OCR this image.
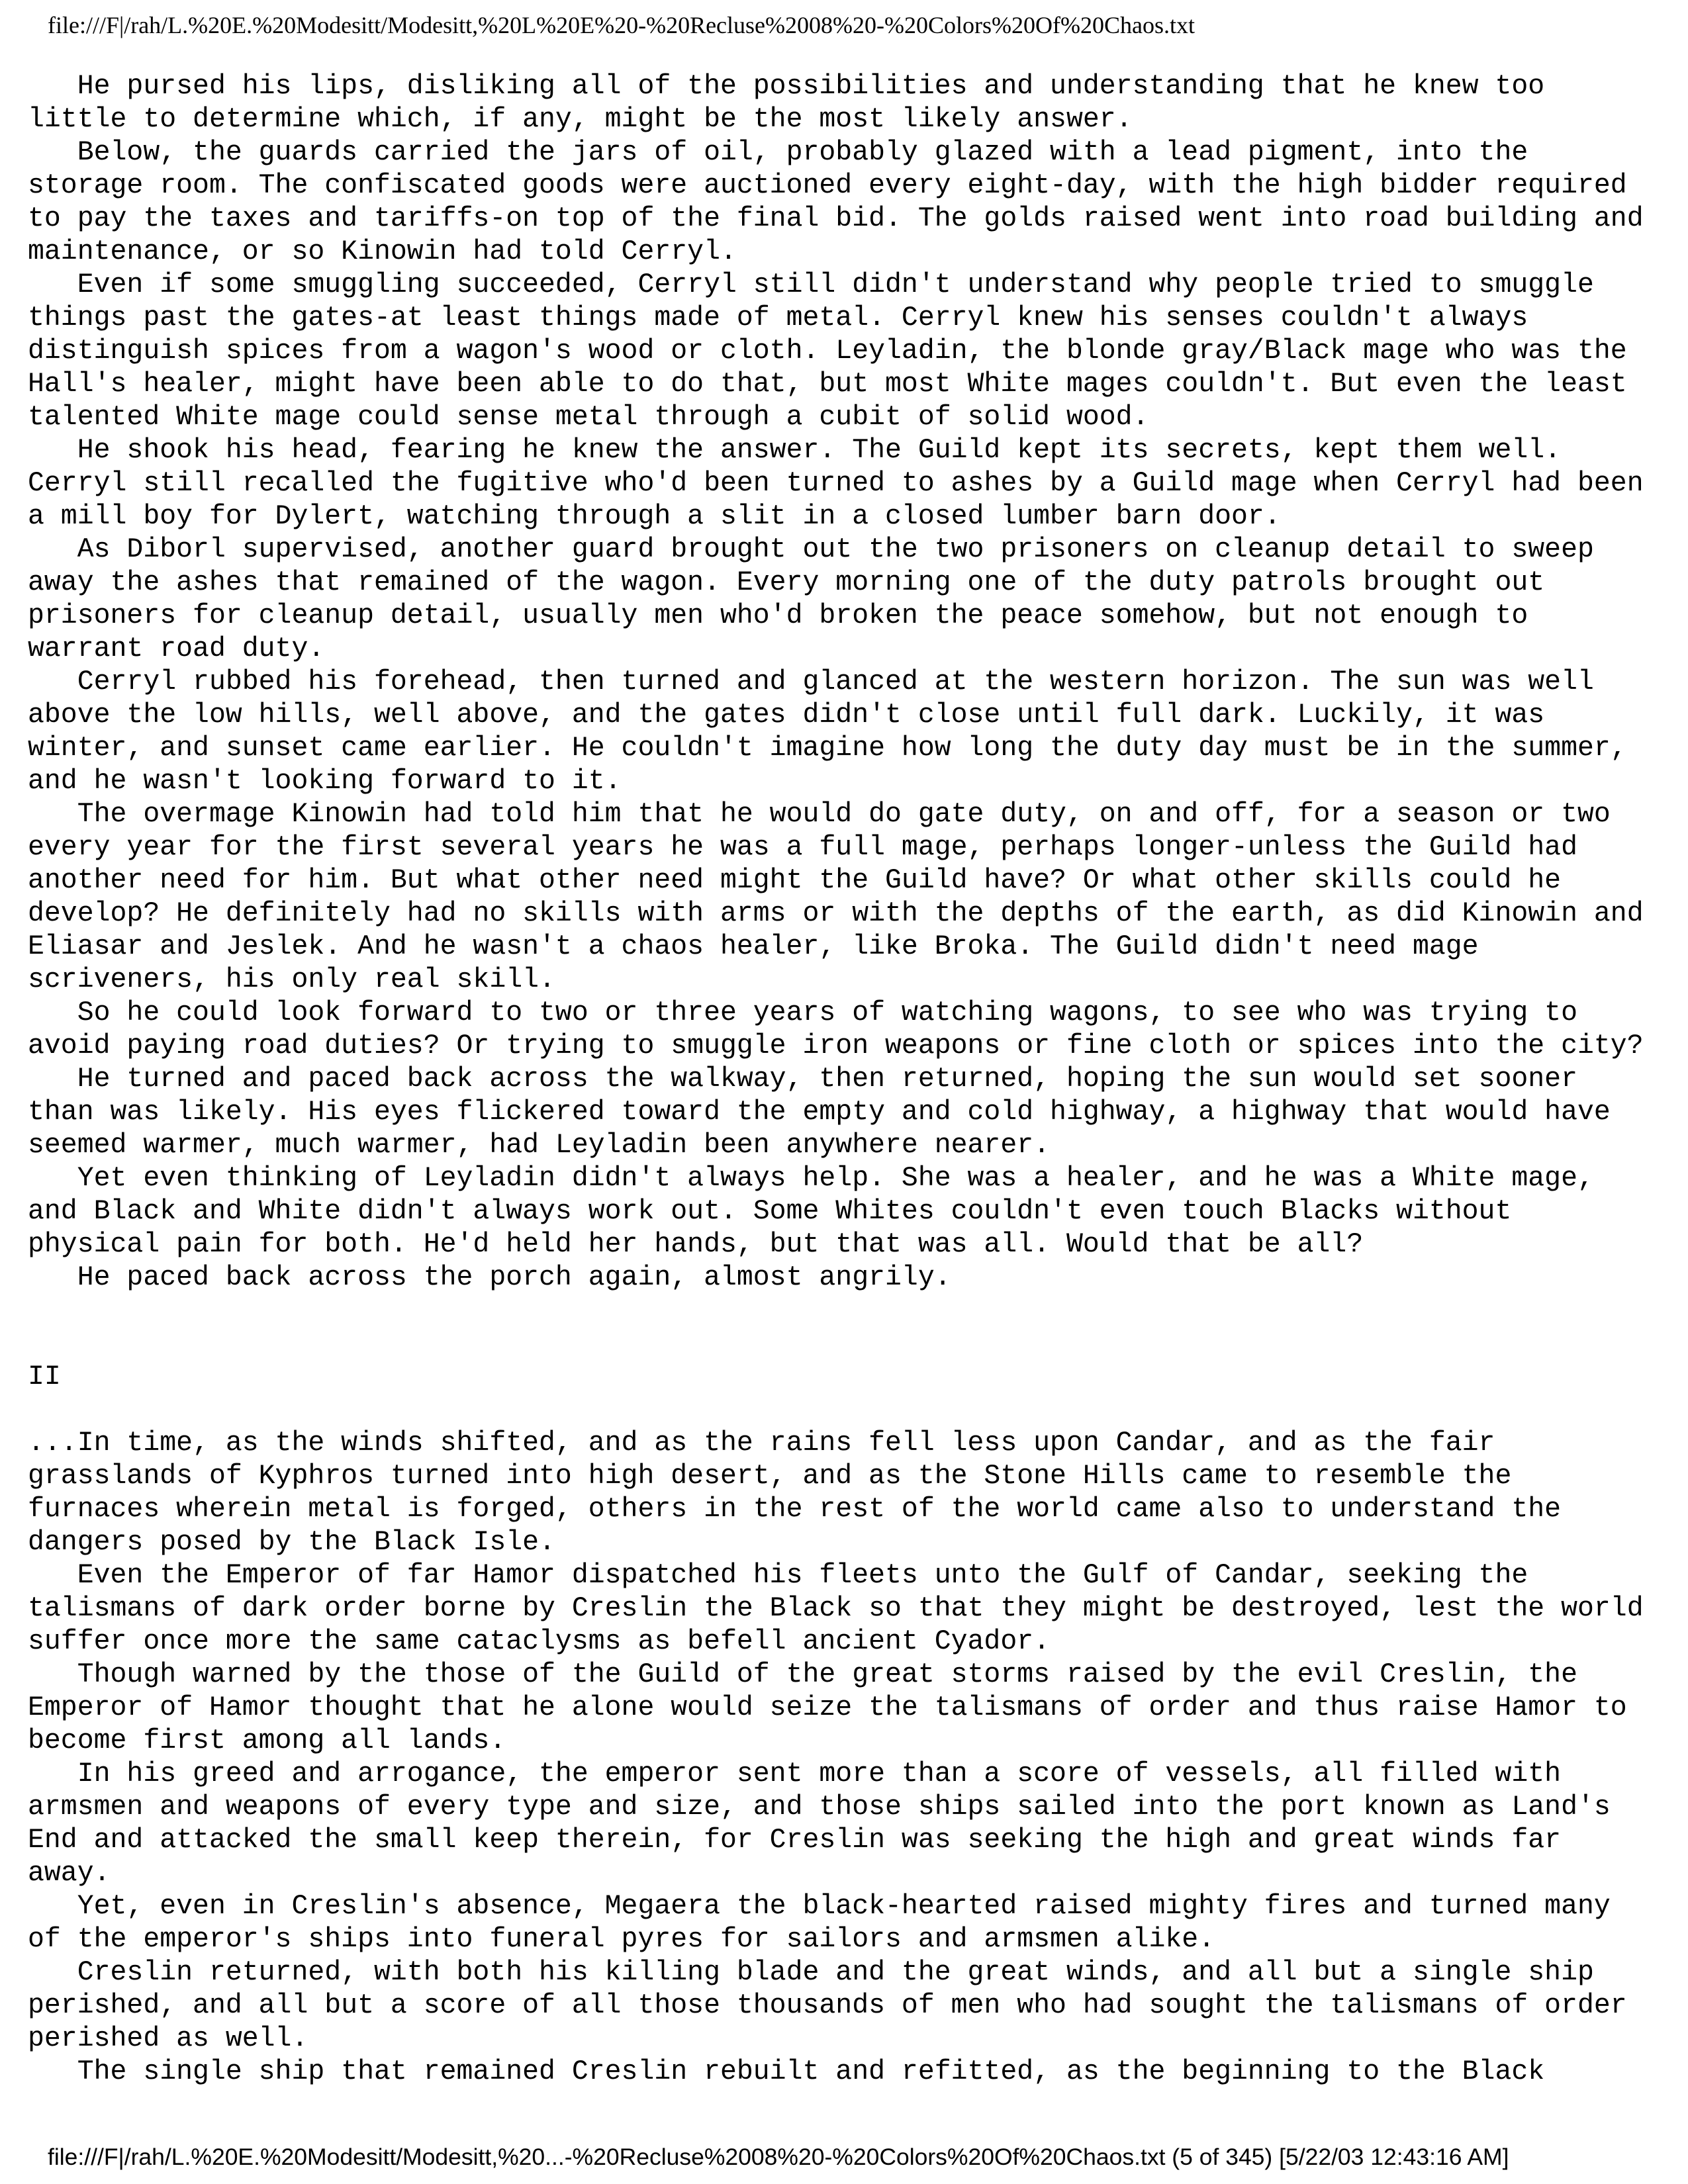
file:///F|/rah/L.%20E.%20Modesitt/Modesitt,%20L%20E%20-%20Recluse%2008%20-%20Colors%20Of%20Chaos.txt
He pursed his lips, disliking all of the possibilities and understanding that he knew too
little to determine which, if any, might be the most likely answer.
Below, the guards carried the jars of oil, probably glazed with a lead pigment, into the
storage room. The confiscated goods were auctioned every eight-day, with the high bidder required
to pay the taxes and tariffs-on top of the final bid. The golds raised went into road building and
maintenance, or so Kinowin had told Cerryl.
Even if some smuggling succeeded, Cerryl still didn't understand why people tried to smuggle
things past the gates-at least things made of metal. Cerryl knew his senses couldn't always
distinguish spices from a wagon's wood or cloth. Leyladin, the blonde gray/Black mage who was the
Hall's healer, might have been able to do that, but most White mages couldn't. But even the least
talented White mage could sense metal through a cubit of solid wood.
He shook his head, fearing he knew the answer. The Guild kept its secrets, kept them well.
Cerryl still recalled the fugitive who'd been turned to ashes by a Guild mage when Cerryl had been
a mill boy for Dylert, watching through a slit in a closed lumber barn door.
As Diborl supervised, another guard brought out the two prisoners on cleanup detail to sweep
away the ashes that remained of the wagon. Every morning one of the duty patrols brought out
prisoners for cleanup detail, usually men who'd broken the peace somehow, but not enough to
warrant road duty.
Cerryl rubbed his forehead, then turned and glanced at the western horizon. The sun was well
above the low hills, well above, and the gates didn't close until full dark. Luckily, it was
winter, and sunset came earlier. He couldn't imagine how long the duty day must be in the summer,
and he wasn't looking forward to it.
The overmage Kinowin had told him that he would do gate duty, on and off, for a season or two
every year for the first several years he was a full mage, perhaps longer-unless the Guild had
another need for him. But what other need might the Guild have? Or what other skills could he
develop? He definitely had no skills with arms or with the depths of the earth, as did Kinowin and
Eliasar and Jeslek. And he wasn't a chaos healer, like Broka. The Guild didn't need mage
scriveners, his only real skill.
So he could look forward to two or three years of watching wagons, to see who was trying to
avoid paying road duties? Or trying to smuggle iron weapons or fine cloth or spices into the city?
He turned and paced back across the walkway, then returned, hoping the sun would set sooner
than was likely. His eyes flickered toward the empty and cold highway, a highway that would have
seemed warmer, much warmer, had Leyladin been anywhere nearer.
Yet even thinking of Leyladin didn't always help. She was a healer, and he was a White mage,
and Black and White didn't always work out. Some Whites couldn't even touch Blacks without
physical pain for both. He'd held her hands, but that was all. Would that be all?
He paced back across the porch again, almost angrily.
II
...In time, as the winds shifted, and as the rains fell less upon Candar, and as the fair
grasslands of Kyphros turned into high desert, and as the Stone Hills came to resemble the
furnaces wherein metal is forged, others in the rest of the world came also to understand the
dangers posed by the Black Isle.
Even the Emperor of far Hamor dispatched his fleets unto the Gulf of Candar, seeking the
talismans of dark order borne by Creslin the Black so that they might be destroyed, lest the world
suffer once more the same cataclysms as befell ancient Cyador.
Though warned by the those of the Guild of the great storms raised by the evil Creslin, the
Emperor of Hamor thought that he alone would seize the talismans of order and thus raise Hamor to
become first among all lands.
In his greed and arrogance, the emperor sent more than a score of vessels, all filled with
armsmen and weapons of every type and size, and those ships sailed into the port known as Land's
End and attacked the small keep therein, for Creslin was seeking the high and great winds far
away.
Yet, even in Creslin's absence, Megaera the black-hearted raised mighty fires and turned many
of the emperor's ships into funeral pyres for sailors and armsmen alike.
Creslin returned, with both his killing blade and the great winds, and all but a single ship
perished, and all but a score of all those thousands of men who had sought the talismans of order
perished as well.
The single ship that remained Creslin rebuilt and refitted, as the beginning to the Black
file:///F|/rah/L.%20E.%20Modesitt/Modesitt,%20...-%20Recluse%2008%20-%20Colors%20Of%20Chaos.txt (5 of 345) [5/22/03 12:43:16 AM]
